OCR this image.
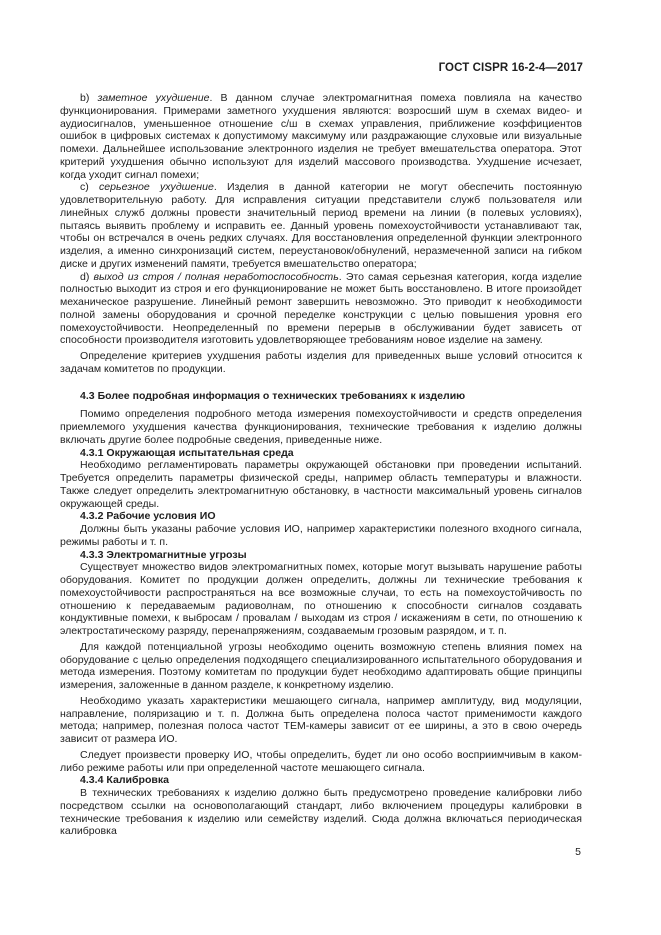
ГОСТ CISPR 16-2-4—2017

b) заметное ухудшение. В данном случае электромагнитная помеха повлияла на качество функционирования. Примерами заметного ухудшения являются: возросший шум в схемах видео- и аудиосигналов, уменьшенное отношение с/ш в схемах управления, приближение коэффициентов ошибок в цифровых системах к допустимому максимуму или раздражающие слуховые или визуальные помехи. Дальнейшее использование электронного изделия не требует вмешательства оператора. Этот критерий ухудшения обычно используют для изделий массового производства. Ухудшение исчезает, когда уходит сигнал помехи;

c) серьезное ухудшение. Изделия в данной категории не могут обеспечить постоянную удовлетворительную работу. Для исправления ситуации представители служб пользователя или линейных служб должны провести значительный период времени на линии (в полевых условиях), пытаясь выявить проблему и исправить ее. Данный уровень помехоустойчивости устанавливают так, чтобы он встречался в очень редких случаях. Для восстановления определенной функции электронного изделия, а именно синхронизаций систем, переустановок/обнулений, неразмеченной записи на гибком диске и других изменений памяти, требуется вмешательство оператора;

d) выход из строя / полная неработоспособность. Это самая серьезная категория, когда изделие полностью выходит из строя и его функционирование не может быть восстановлено. В итоге произойдет механическое разрушение. Линейный ремонт завершить невозможно. Это приводит к необходимости полной замены оборудования и срочной переделке конструкции с целью повышения уровня его помехоустойчивости. Неопределенный по времени перерыв в обслуживании будет зависеть от способности производителя изготовить удовлетворяющее требованиям новое изделие на замену.

Определение критериев ухудшения работы изделия для приведенных выше условий относится к задачам комитетов по продукции.

4.3 Более подробная информация о технических требованиях к изделию

Помимо определения подробного метода измерения помехоустойчивости и средств определения приемлемого ухудшения качества функционирования, технические требования к изделию должны включать другие более подробные сведения, приведенные ниже.

4.3.1 Окружающая испытательная среда

Необходимо регламентировать параметры окружающей обстановки при проведении испытаний. Требуется определить параметры физической среды, например область температуры и влажности. Также следует определить электромагнитную обстановку, в частности максимальный уровень сигналов окружающей среды.

4.3.2 Рабочие условия ИО

Должны быть указаны рабочие условия ИО, например характеристики полезного входного сигнала, режимы работы и т. п.

4.3.3 Электромагнитные угрозы

Существует множество видов электромагнитных помех, которые могут вызывать нарушение работы оборудования. Комитет по продукции должен определить, должны ли технические требования к помехоустойчивости распространяться на все возможные случаи, то есть на помехоустойчивость по отношению к передаваемым радиоволнам, по отношению к способности сигналов создавать кондуктивные помехи, к выбросам / провалам / выходам из строя / искажениям в сети, по отношению к электростатическому разряду, перенапряжениям, создаваемым грозовым разрядом, и т. п.

Для каждой потенциальной угрозы необходимо оценить возможную степень влияния помех на оборудование с целью определения подходящего специализированного испытательного оборудования и метода измерения. Поэтому комитетам по продукции будет необходимо адаптировать общие принципы измерения, заложенные в данном разделе, к конкретному изделию.

Необходимо указать характеристики мешающего сигнала, например амплитуду, вид модуляции, направление, поляризацию и т. п. Должна быть определена полоса частот применимости каждого метода; например, полезная полоса частот ТЕМ-камеры зависит от ее ширины, а это в свою очередь зависит от размера ИО.

Следует произвести проверку ИО, чтобы определить, будет ли оно особо восприимчивым в каком-либо режиме работы или при определенной частоте мешающего сигнала.

4.3.4 Калибровка

В технических требованиях к изделию должно быть предусмотрено проведение калибровки либо посредством ссылки на основополагающий стандарт, либо включением процедуры калибровки в технические требования к изделию или семейству изделий. Сюда должна включаться периодическая калибровка

5
